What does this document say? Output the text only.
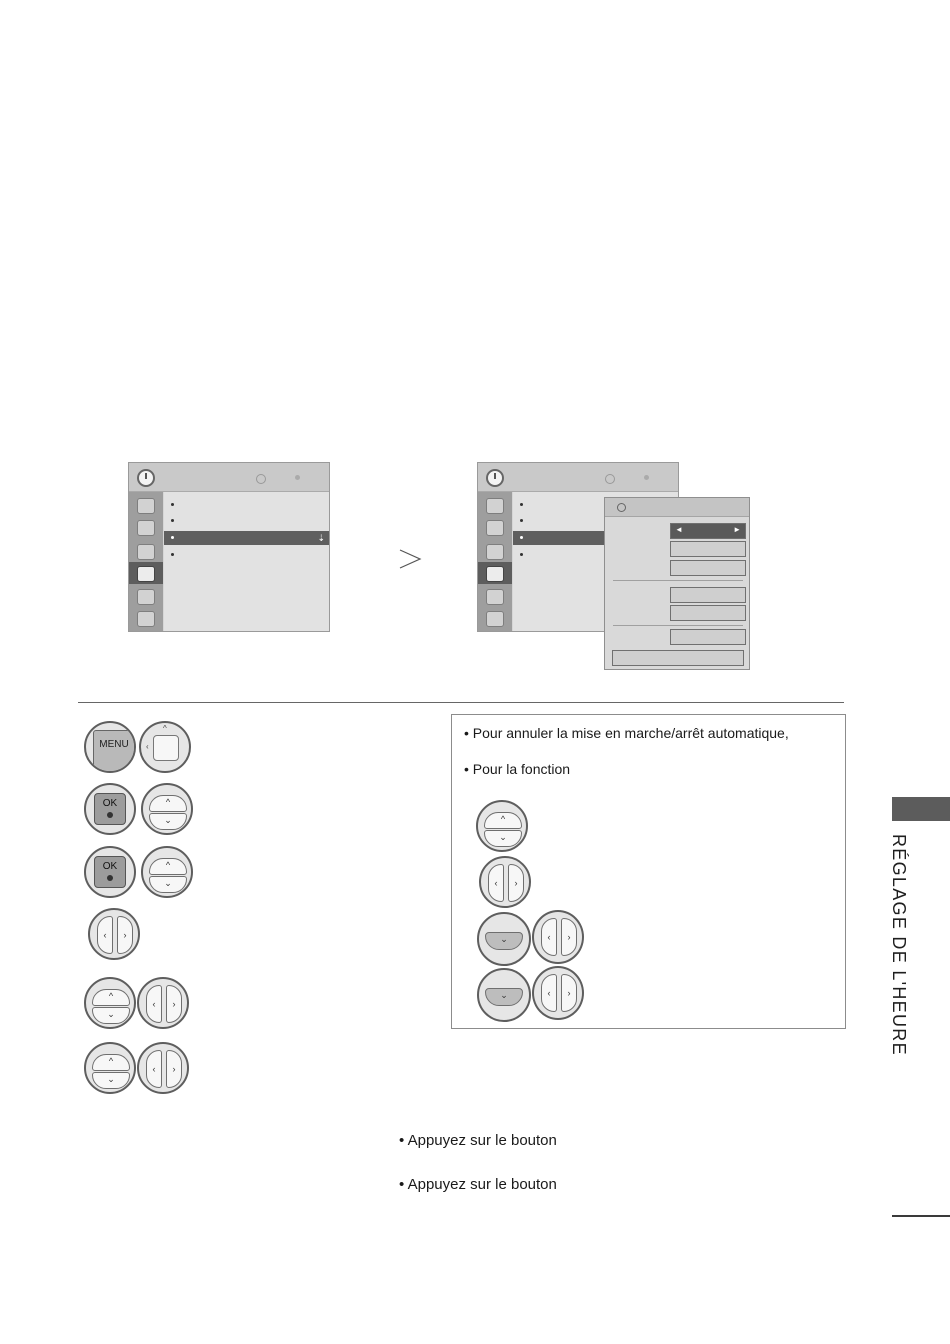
⇣
◄	►
MENU
^
‹
OK	^
⌄
OK	^
⌄
‹	›
^
⌄
‹	›
^
⌄
‹	›
• Pour annuler la mise en marche/arrêt automatique,
• Pour la fonction
^
⌄
‹	›
⌄	‹	›
⌄	‹	›
• Appuyez sur le bouton
• Appuyez sur le bouton
RÉGLAGE DE L'HEURE
